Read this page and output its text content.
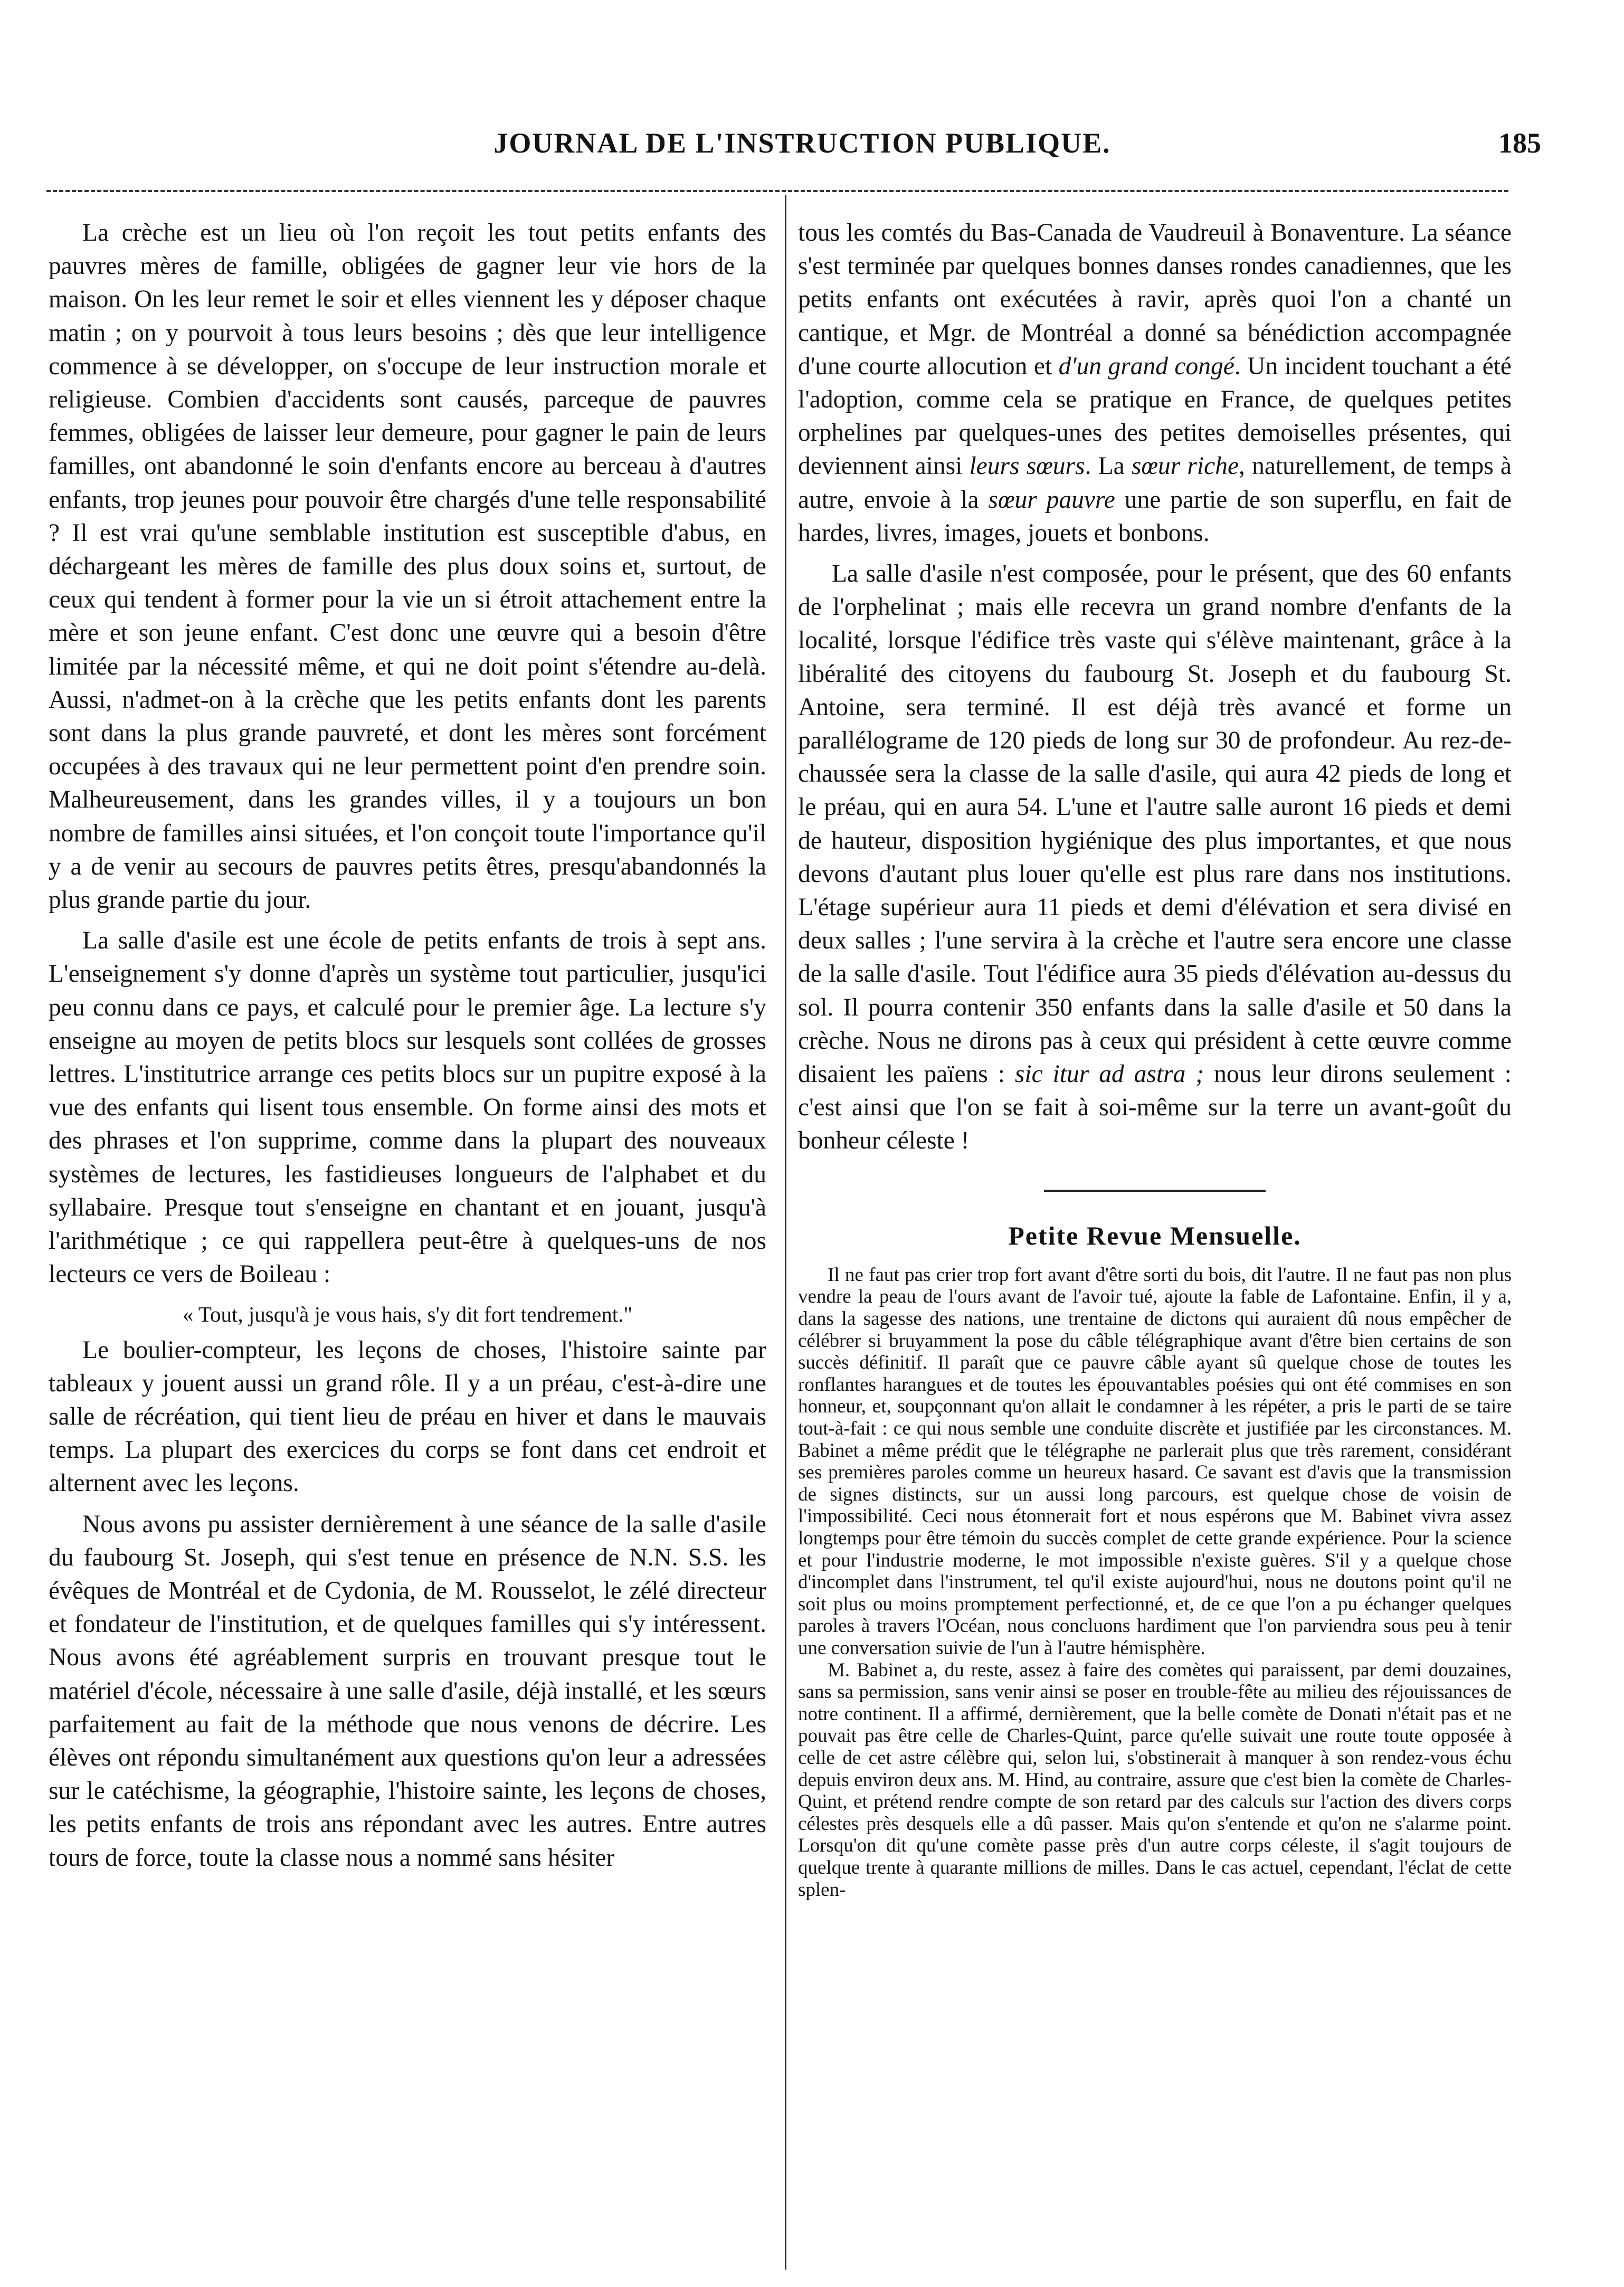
JOURNAL DE L'INSTRUCTION PUBLIQUE.	185

La crèche est un lieu où l'on reçoit les tout petits enfants des pauvres mères de famille, obligées de gagner leur vie hors de la maison. On les leur remet le soir et elles viennent les y déposer chaque matin ; on y pourvoit à tous leurs besoins ; dès que leur intelligence commence à se développer, on s'occupe de leur instruction morale et religieuse. Combien d'accidents sont causés, parceque de pauvres femmes, obligées de laisser leur demeure, pour gagner le pain de leurs familles, ont abandonné le soin d'enfants encore au berceau à d'autres enfants, trop jeunes pour pouvoir être chargés d'une telle responsabilité ? Il est vrai qu'une semblable institution est susceptible d'abus, en déchargeant les mères de famille des plus doux soins et, surtout, de ceux qui tendent à former pour la vie un si étroit attachement entre la mère et son jeune enfant. C'est donc une œuvre qui a besoin d'être limitée par la nécessité même, et qui ne doit point s'étendre au-delà. Aussi, n'admet-on à la crèche que les petits enfants dont les parents sont dans la plus grande pauvreté, et dont les mères sont forcément occupées à des travaux qui ne leur permettent point d'en prendre soin. Malheureusement, dans les grandes villes, il y a toujours un bon nombre de familles ainsi situées, et l'on conçoit toute l'importance qu'il y a de venir au secours de pauvres petits êtres, presqu'abandonnés la plus grande partie du jour.

La salle d'asile est une école de petits enfants de trois à sept ans. L'enseignement s'y donne d'après un système tout particulier, jusqu'ici peu connu dans ce pays, et calculé pour le premier âge. La lecture s'y enseigne au moyen de petits blocs sur lesquels sont collées de grosses lettres. L'institutrice arrange ces petits blocs sur un pupitre exposé à la vue des enfants qui lisent tous ensemble. On forme ainsi des mots et des phrases et l'on supprime, comme dans la plupart des nouveaux systèmes de lectures, les fastidieuses longueurs de l'alphabet et du syllabaire. Presque tout s'enseigne en chantant et en jouant, jusqu'à l'arithmétique ; ce qui rappellera peut-être à quelques-uns de nos lecteurs ce vers de Boileau :

« Tout, jusqu'à je vous hais, s'y dit fort tendrement."

Le boulier-compteur, les leçons de choses, l'histoire sainte par tableaux y jouent aussi un grand rôle. Il y a un préau, c'est-à-dire une salle de récréation, qui tient lieu de préau en hiver et dans le mauvais temps. La plupart des exercices du corps se font dans cet endroit et alternent avec les leçons.

Nous avons pu assister dernièrement à une séance de la salle d'asile du faubourg St. Joseph, qui s'est tenue en présence de N.N. S.S. les évêques de Montréal et de Cydonia, de M. Rousselot, le zélé directeur et fondateur de l'institution, et de quelques familles qui s'y intéressent. Nous avons été agréablement surpris en trouvant presque tout le matériel d'école, nécessaire à une salle d'asile, déjà installé, et les sœurs parfaitement au fait de la méthode que nous venons de décrire. Les élèves ont répondu simultanément aux questions qu'on leur a adressées sur le catéchisme, la géographie, l'histoire sainte, les leçons de choses, les petits enfants de trois ans répondant avec les autres. Entre autres tours de force, toute la classe nous a nommé sans hésiter

tous les comtés du Bas-Canada de Vaudreuil à Bonaventure. La séance s'est terminée par quelques bonnes danses rondes canadiennes, que les petits enfants ont exécutées à ravir, après quoi l'on a chanté un cantique, et Mgr. de Montréal a donné sa bénédiction accompagnée d'une courte allocution et d'un grand congé. Un incident touchant a été l'adoption, comme cela se pratique en France, de quelques petites orphelines par quelques-unes des petites demoiselles présentes, qui deviennent ainsi leurs sœurs. La sœur riche, naturellement, de temps à autre, envoie à la sœur pauvre une partie de son superflu, en fait de hardes, livres, images, jouets et bonbons.

La salle d'asile n'est composée, pour le présent, que des 60 enfants de l'orphelinat ; mais elle recevra un grand nombre d'enfants de la localité, lorsque l'édifice très vaste qui s'élève maintenant, grâce à la libéralité des citoyens du faubourg St. Joseph et du faubourg St. Antoine, sera terminé. Il est déjà très avancé et forme un parallélograme de 120 pieds de long sur 30 de profondeur. Au rez-de-chaussée sera la classe de la salle d'asile, qui aura 42 pieds de long et le préau, qui en aura 54. L'une et l'autre salle auront 16 pieds et demi de hauteur, disposition hygiénique des plus importantes, et que nous devons d'autant plus louer qu'elle est plus rare dans nos institutions. L'étage supérieur aura 11 pieds et demi d'élévation et sera divisé en deux salles ; l'une servira à la crèche et l'autre sera encore une classe de la salle d'asile. Tout l'édifice aura 35 pieds d'élévation au-dessus du sol. Il pourra contenir 350 enfants dans la salle d'asile et 50 dans la crèche. Nous ne dirons pas à ceux qui président à cette œuvre comme disaient les païens : sic itur ad astra ; nous leur dirons seulement : c'est ainsi que l'on se fait à soi-même sur la terre un avant-goût du bonheur céleste !

Petite Revue Mensuelle.

Il ne faut pas crier trop fort avant d'être sorti du bois, dit l'autre. Il ne faut pas non plus vendre la peau de l'ours avant de l'avoir tué, ajoute la fable de Lafontaine. Enfin, il y a, dans la sagesse des nations, une trentaine de dictons qui auraient dû nous empêcher de célébrer si bruyamment la pose du câble télégraphique avant d'être bien certains de son succès définitif. Il paraît que ce pauvre câble ayant sû quelque chose de toutes les ronflantes harangues et de toutes les épouvantables poésies qui ont été commises en son honneur, et, soupçonnant qu'on allait le condamner à les répéter, a pris le parti de se taire tout-à-fait : ce qui nous semble une conduite discrète et justifiée par les circonstances. M. Babinet a même prédit que le télégraphe ne parlerait plus que très rarement, considérant ses premières paroles comme un heureux hasard. Ce savant est d'avis que la transmission de signes distincts, sur un aussi long parcours, est quelque chose de voisin de l'impossibilité. Ceci nous étonnerait fort et nous espérons que M. Babinet vivra assez longtemps pour être témoin du succès complet de cette grande expérience. Pour la science et pour l'industrie moderne, le mot impossible n'existe guères. S'il y a quelque chose d'incomplet dans l'instrument, tel qu'il existe aujourd'hui, nous ne doutons point qu'il ne soit plus ou moins promptement perfectionné, et, de ce que l'on a pu échanger quelques paroles à travers l'Océan, nous concluons hardiment que l'on parviendra sous peu à tenir une conversation suivie de l'un à l'autre hémisphère.

M. Babinet a, du reste, assez à faire des comètes qui paraissent, par demi douzaines, sans sa permission, sans venir ainsi se poser en trouble-fête au milieu des réjouissances de notre continent. Il a affirmé, dernièrement, que la belle comète de Donati n'était pas et ne pouvait pas être celle de Charles-Quint, parce qu'elle suivait une route toute opposée à celle de cet astre célèbre qui, selon lui, s'obstinerait à manquer à son rendez-vous échu depuis environ deux ans. M. Hind, au contraire, assure que c'est bien la comète de Charles-Quint, et prétend rendre compte de son retard par des calculs sur l'action des divers corps célestes près desquels elle a dû passer. Mais qu'on s'entende et qu'on ne s'alarme point. Lorsqu'on dit qu'une comète passe près d'un autre corps céleste, il s'agit toujours de quelque trente à quarante millions de milles. Dans le cas actuel, cependant, l'éclat de cette splen-
